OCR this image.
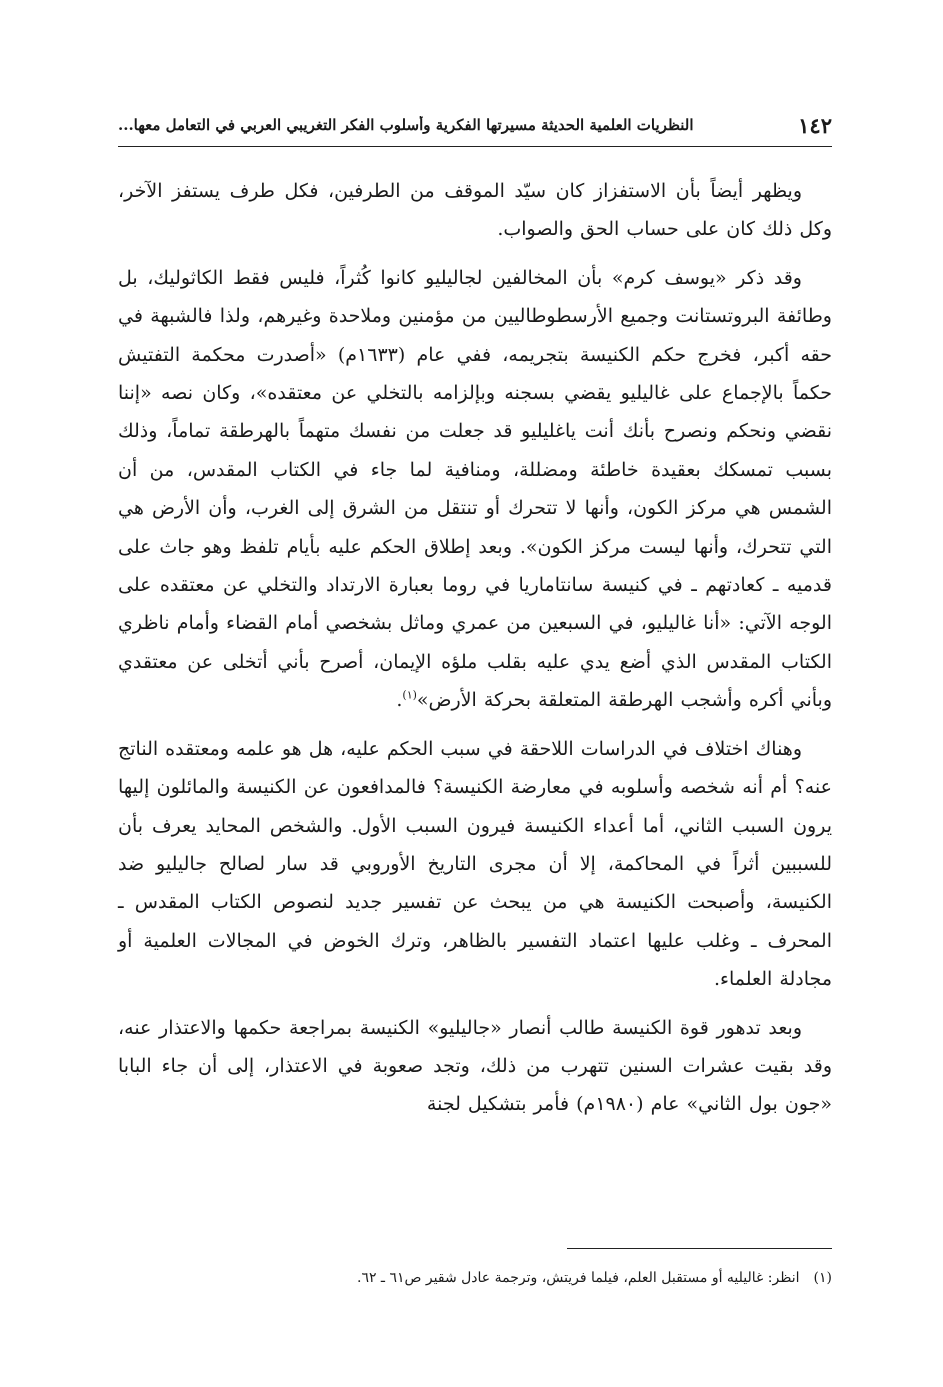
١٤٢
النظريات العلمية الحديثة مسيرتها الفكرية وأسلوب الفكر التغريبي العربي في التعامل معها...

ويظهر أيضاً بأن الاستفزاز كان سيّد الموقف من الطرفين، فكل طرف يستفز الآخر، وكل ذلك كان على حساب الحق والصواب.

وقد ذكر «يوسف كرم» بأن المخالفين لجاليليو كانوا كُثراً، فليس فقط الكاثوليك، بل وطائفة البروتستانت وجميع الأرسطوطاليين من مؤمنين وملاحدة وغيرهم، ولذا فالشبهة في حقه أكبر، فخرج حكم الكنيسة بتجريمه، ففي عام (١٦٣٣م) «أصدرت محكمة التفتيش حكماً بالإجماع على غاليليو يقضي بسجنه وبإلزامه بالتخلي عن معتقده»، وكان نصه «إننا نقضي ونحكم ونصرح بأنك أنت ياغليليو قد جعلت من نفسك متهماً بالهرطقة تماماً، وذلك بسبب تمسكك بعقيدة خاطئة ومضللة، ومنافية لما جاء في الكتاب المقدس، من أن الشمس هي مركز الكون، وأنها لا تتحرك أو تنتقل من الشرق إلى الغرب، وأن الأرض هي التي تتحرك، وأنها ليست مركز الكون». وبعد إطلاق الحكم عليه بأيام تلفظ وهو جاث على قدميه ـ كعادتهم ـ في كنيسة سانتاماريا في روما بعبارة الارتداد والتخلي عن معتقده على الوجه الآتي: «أنا غاليليو، في السبعين من عمري وماثل بشخصي أمام القضاء وأمام ناظري الكتاب المقدس الذي أضع يدي عليه بقلب ملؤه الإيمان، أصرح بأني أتخلى عن معتقدي وبأني أكره وأشجب الهرطقة المتعلقة بحركة الأرض»$^{(١)}$.

وهناك اختلاف في الدراسات اللاحقة في سبب الحكم عليه، هل هو علمه ومعتقده الناتج عنه؟ أم أنه شخصه وأسلوبه في معارضة الكنيسة؟ فالمدافعون عن الكنيسة والمائلون إليها يرون السبب الثاني، أما أعداء الكنيسة فيرون السبب الأول. والشخص المحايد يعرف بأن للسببين أثراً في المحاكمة، إلا أن مجرى التاريخ الأوروبي قد سار لصالح جاليليو ضد الكنيسة، وأصبحت الكنيسة هي من يبحث عن تفسير جديد لنصوص الكتاب المقدس ـ المحرف ـ وغلب عليها اعتماد التفسير بالظاهر، وترك الخوض في المجالات العلمية أو مجادلة العلماء.

وبعد تدهور قوة الكنيسة طالب أنصار «جاليليو» الكنيسة بمراجعة حكمها والاعتذار عنه، وقد بقيت عشرات السنين تتهرب من ذلك، وتجد صعوبة في الاعتذار، إلى أن جاء البابا «جون بول الثاني» عام (١٩٨٠م) فأمر بتشكيل لجنة

(١)
انظر: غاليليه أو مستقبل العلم، فيلما فريتش، وترجمة عادل شقير ص٦١ ـ ٦٢.
